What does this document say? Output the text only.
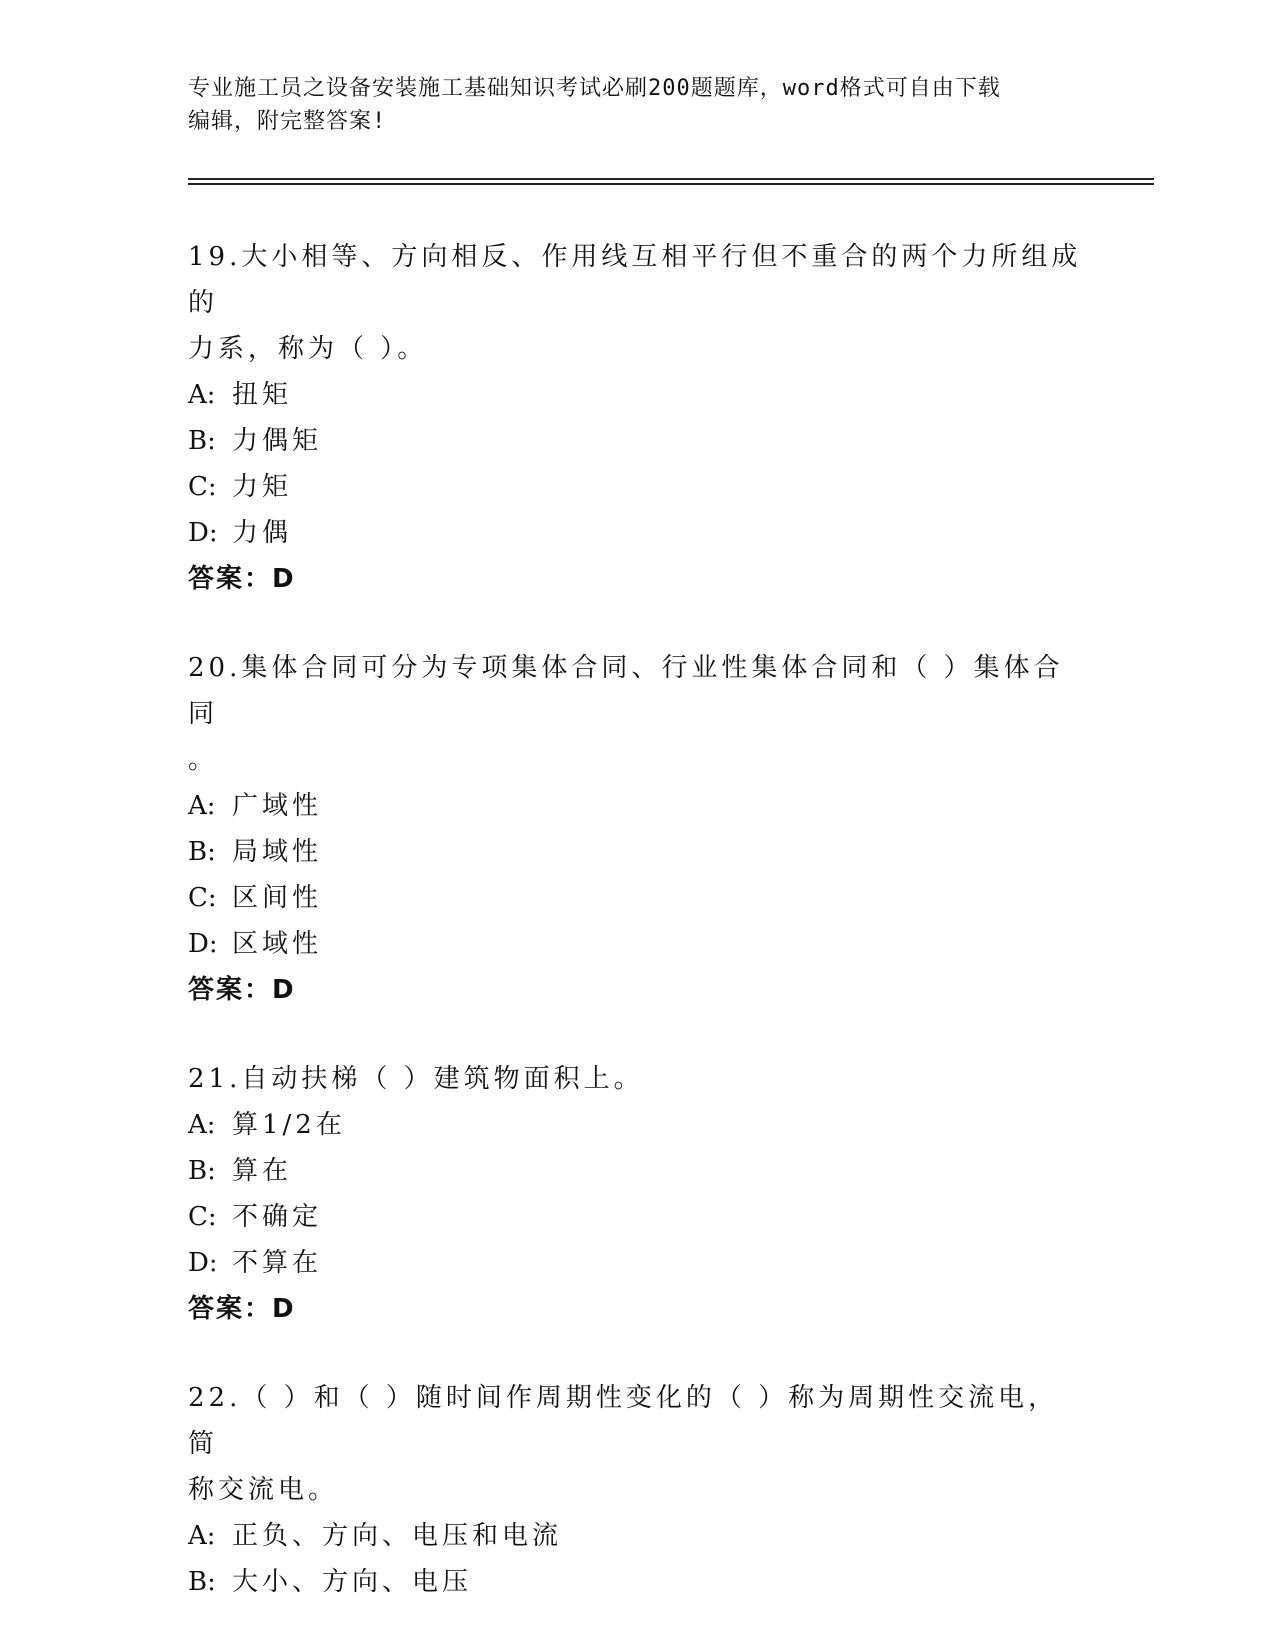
专业施工员之设备安装施工基础知识考试必刷200题题库，word格式可自由下载
编辑，附完整答案!

19.大小相等、方向相反、作用线互相平行但不重合的两个力所组成的

力系，称为（ ）。

A: 扭矩

B: 力偶矩

C: 力矩

D: 力偶

答案：D

20.集体合同可分为专项集体合同、行业性集体合同和（ ）集体合同

。

A: 广域性

B: 局域性

C: 区间性

D: 区域性

答案：D

21.自动扶梯（ ）建筑物面积上。

A: 算1/2在

B: 算在

C: 不确定

D: 不算在

答案：D

22.（ ）和（ ）随时间作周期性变化的（ ）称为周期性交流电，简

称交流电。

A: 正负、方向、电压和电流

B: 大小、方向、电压
